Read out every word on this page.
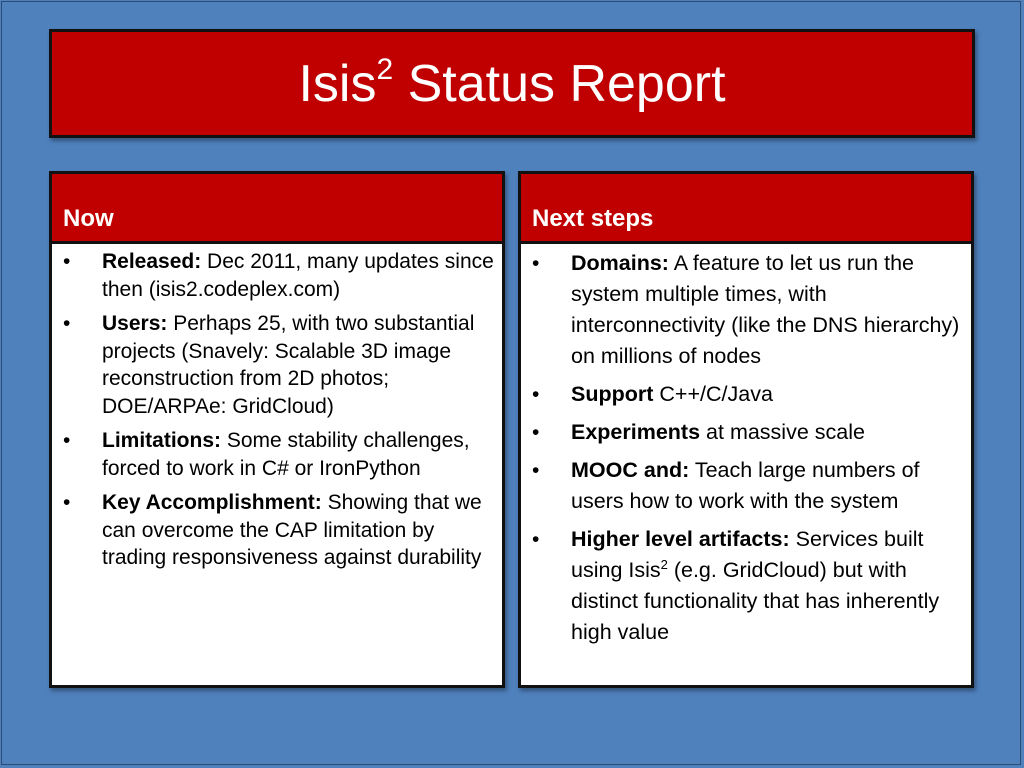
Isis$^2$ Status Report
Now
• Released: Dec 2011, many updates since then (isis2.codeplex.com)
• Users: Perhaps 25, with two substantial projects (Snavely: Scalable 3D image reconstruction from 2D photos; DOE/ARPAe: GridCloud)
• Limitations: Some stability challenges, forced to work in C# or IronPython
• Key Accomplishment: Showing that we can overcome the CAP limitation by trading responsiveness against durability
Next steps
• Domains: A feature to let us run the system multiple times, with interconnectivity (like the DNS hierarchy) on millions of nodes
• Support C++/C/Java
• Experiments at massive scale
• MOOC and: Teach large numbers of users how to work with the system
• Higher level artifacts: Services built using Isis$^2$ (e.g. GridCloud) but with distinct functionality that has inherently high value
